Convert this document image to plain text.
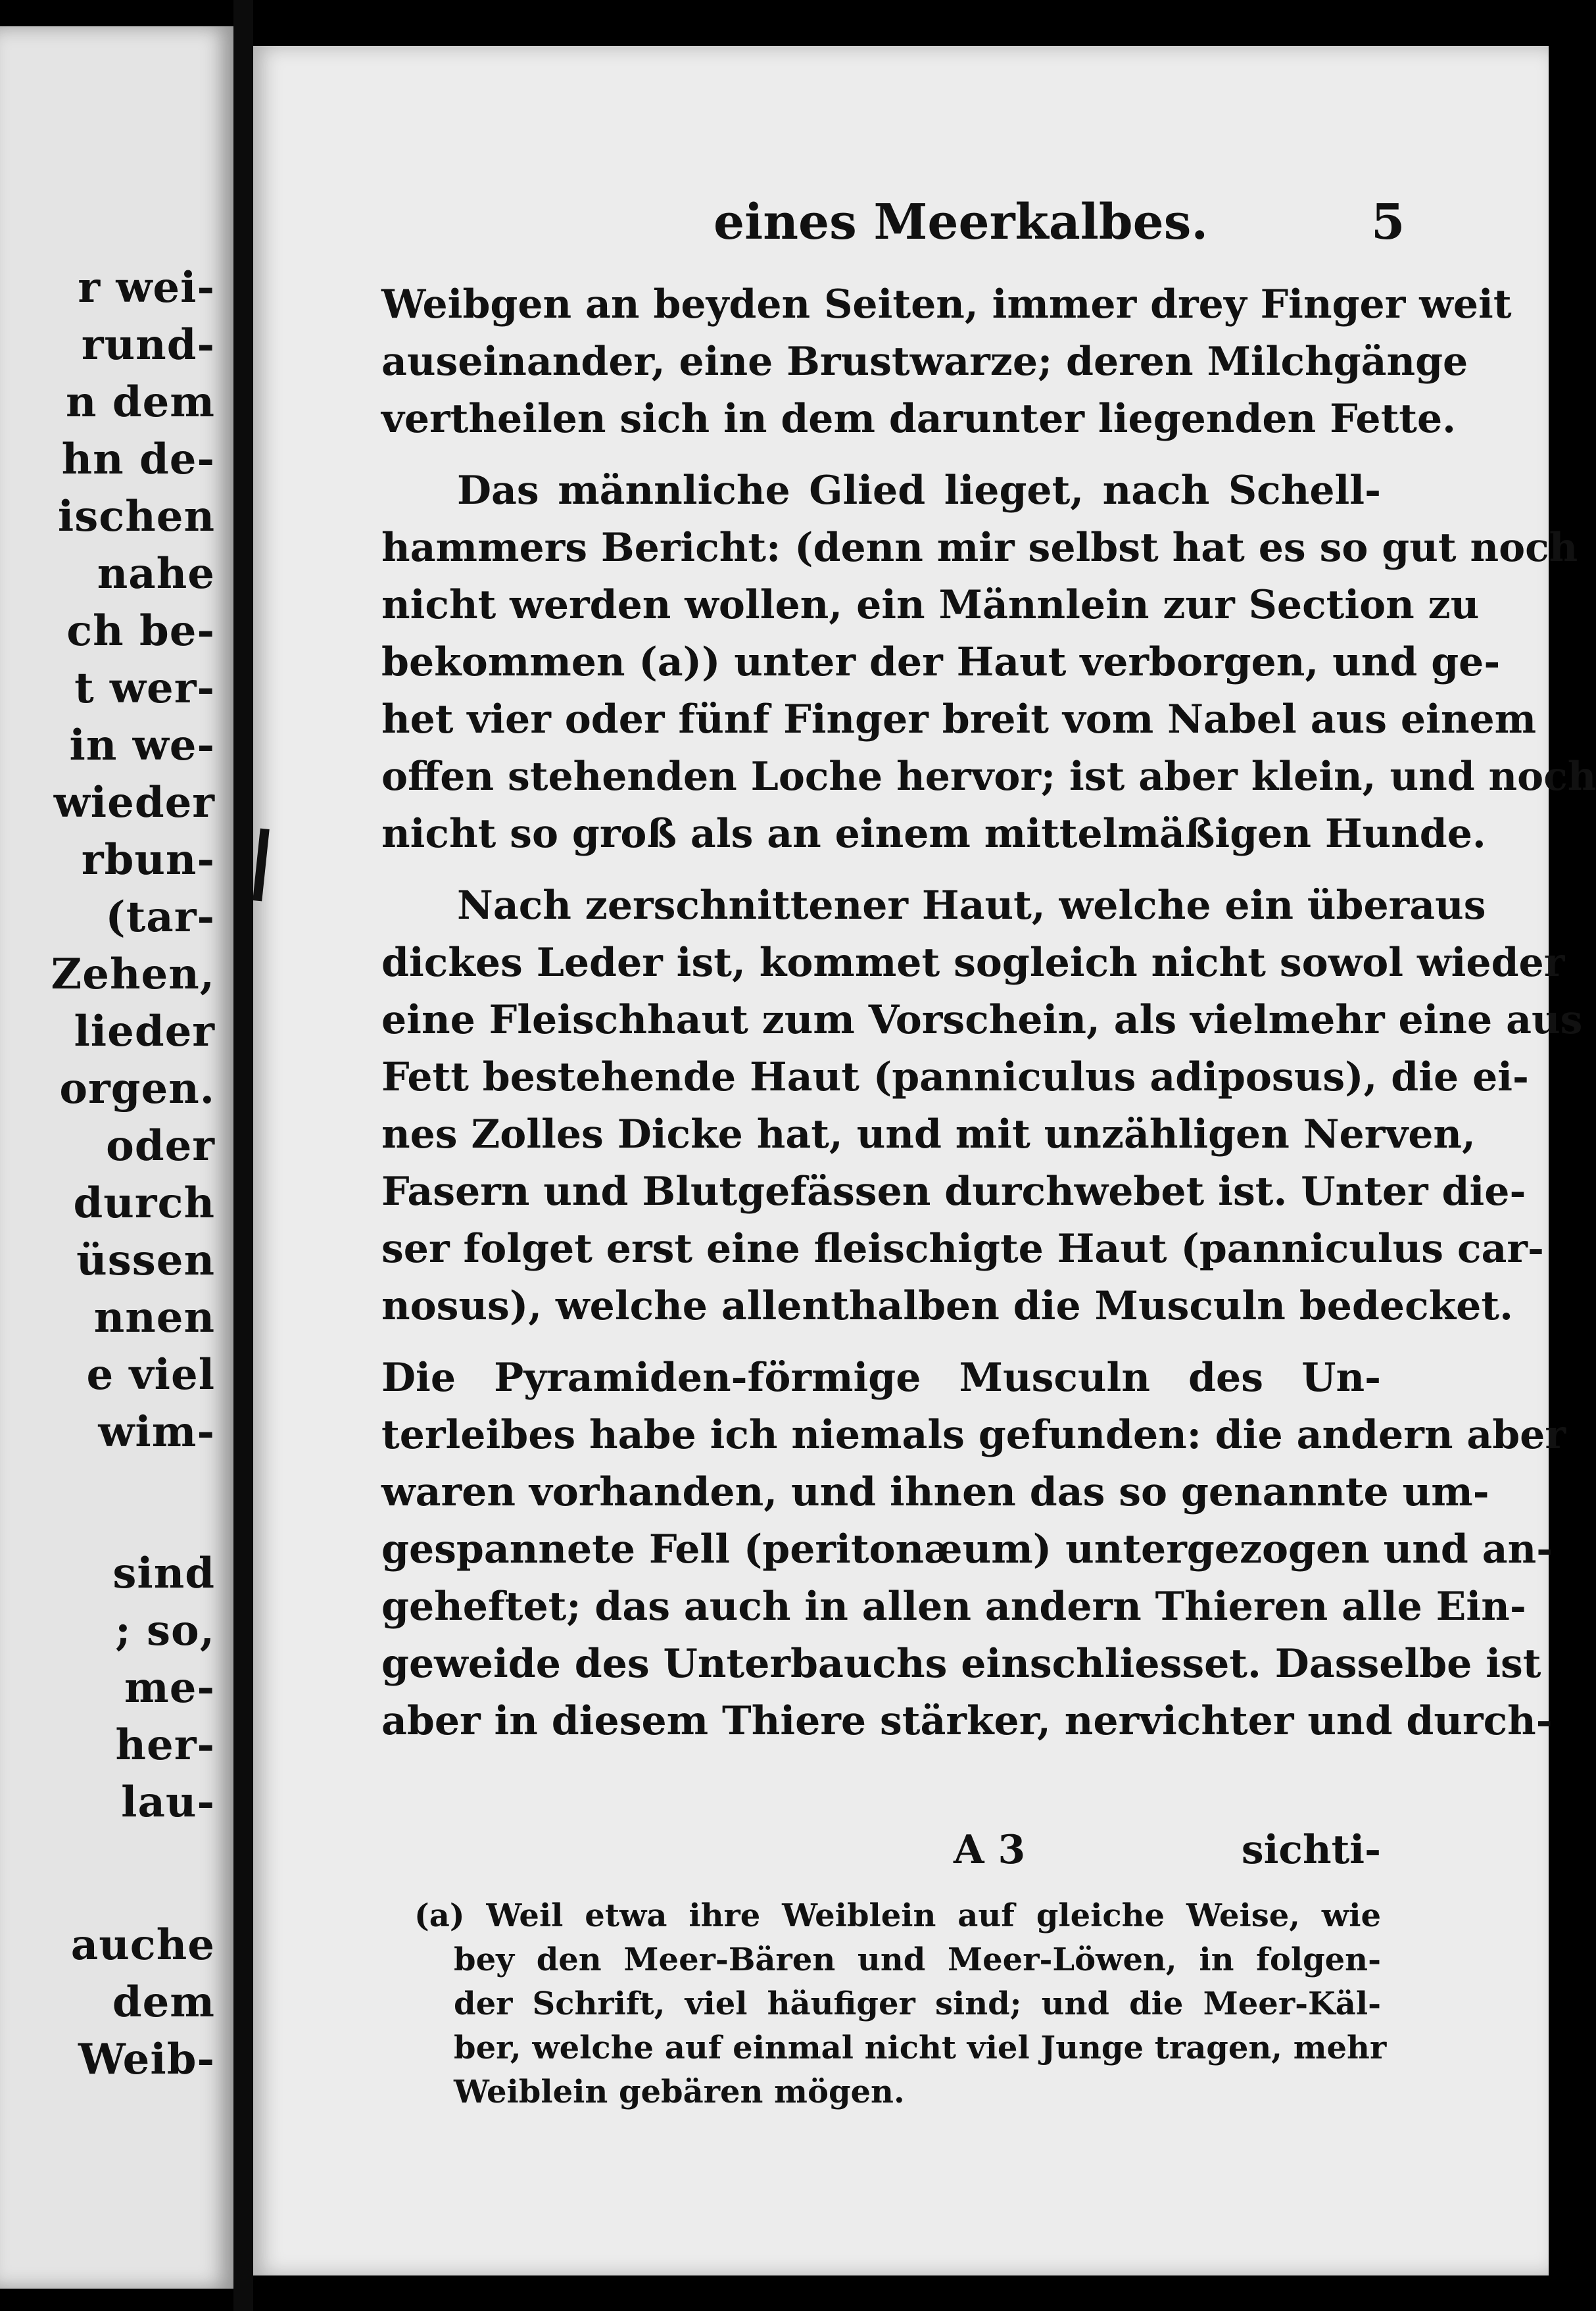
r wei-
rund-
n dem
hn de-
ischen
nahe
ch be-
t wer-
in we-
wieder
rbun-
(tar-
Zehen,
lieder
orgen.
oder
durch
üssen
nnen
e viel
wim-
sind
; so,
me-
her-
lau-
auche
dem
Weib-
eines Meerkalbes.	5
Weibgen an beyden Seiten, immer drey Finger weit
auseinander, eine Brustwarze; deren Milchgänge
vertheilen sich in dem darunter liegenden Fette.
Das männliche Glied lieget, nach Schell-
hammers Bericht: (denn mir selbst hat es so gut noch
nicht werden wollen, ein Männlein zur Section zu
bekommen (a)) unter der Haut verborgen, und ge-
het vier oder fünf Finger breit vom Nabel aus einem
offen stehenden Loche hervor; ist aber klein, und noch
nicht so groß als an einem mittelmäßigen Hunde.
Nach zerschnittener Haut, welche ein überaus
dickes Leder ist, kommet sogleich nicht sowol wieder
eine Fleischhaut zum Vorschein, als vielmehr eine aus
Fett bestehende Haut (panniculus adiposus), die ei-
nes Zolles Dicke hat, und mit unzähligen Nerven,
Fasern und Blutgefässen durchwebet ist. Unter die-
ser folget erst eine fleischigte Haut (panniculus car-
nosus), welche allenthalben die Musculn bedecket.
Die Pyramiden-förmige Musculn des Un-
terleibes habe ich niemals gefunden: die andern aber
waren vorhanden, und ihnen das so genannte um-
gespannete Fell (peritonæum) untergezogen und an-
geheftet; das auch in allen andern Thieren alle Ein-
geweide des Unterbauchs einschliesset. Dasselbe ist
aber in diesem Thiere stärker, nervichter und durch-
A 3	sichti-
(a) Weil etwa ihre Weiblein auf gleiche Weise, wie
bey den Meer-Bären und Meer-Löwen, in folgen-
der Schrift, viel häufiger sind; und die Meer-Käl-
ber, welche auf einmal nicht viel Junge tragen, mehr
Weiblein gebären mögen.
